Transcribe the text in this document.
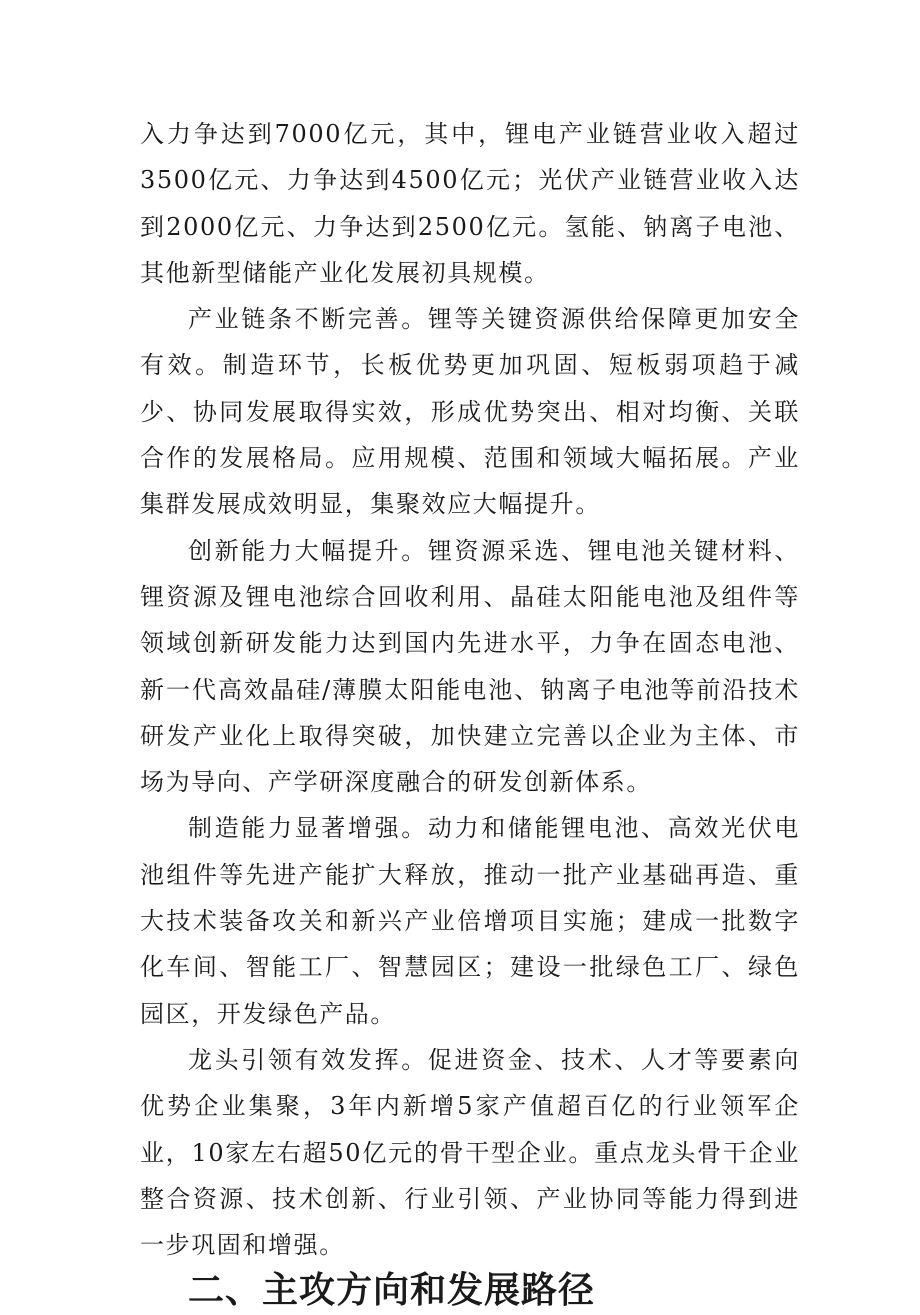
入力争达到7000亿元，其中，锂电产业链营业收入超过3500亿元、力争达到4500亿元；光伏产业链营业收入达到2000亿元、力争达到2500亿元。氢能、钠离子电池、其他新型储能产业化发展初具规模。

产业链条不断完善。锂等关键资源供给保障更加安全有效。制造环节，长板优势更加巩固、短板弱项趋于减少、协同发展取得实效，形成优势突出、相对均衡、关联合作的发展格局。应用规模、范围和领域大幅拓展。产业集群发展成效明显，集聚效应大幅提升。

创新能力大幅提升。锂资源采选、锂电池关键材料、锂资源及锂电池综合回收利用、晶硅太阳能电池及组件等领域创新研发能力达到国内先进水平，力争在固态电池、新一代高效晶硅/薄膜太阳能电池、钠离子电池等前沿技术研发产业化上取得突破，加快建立完善以企业为主体、市场为导向、产学研深度融合的研发创新体系。

制造能力显著增强。动力和储能锂电池、高效光伏电池组件等先进产能扩大释放，推动一批产业基础再造、重大技术装备攻关和新兴产业倍增项目实施；建成一批数字化车间、智能工厂、智慧园区；建设一批绿色工厂、绿色园区，开发绿色产品。

龙头引领有效发挥。促进资金、技术、人才等要素向优势企业集聚，3年内新增5家产值超百亿的行业领军企业，10家左右超50亿元的骨干型企业。重点龙头骨干企业整合资源、技术创新、行业引领、产业协同等能力得到进一步巩固和增强。

二、主攻方向和发展路径
